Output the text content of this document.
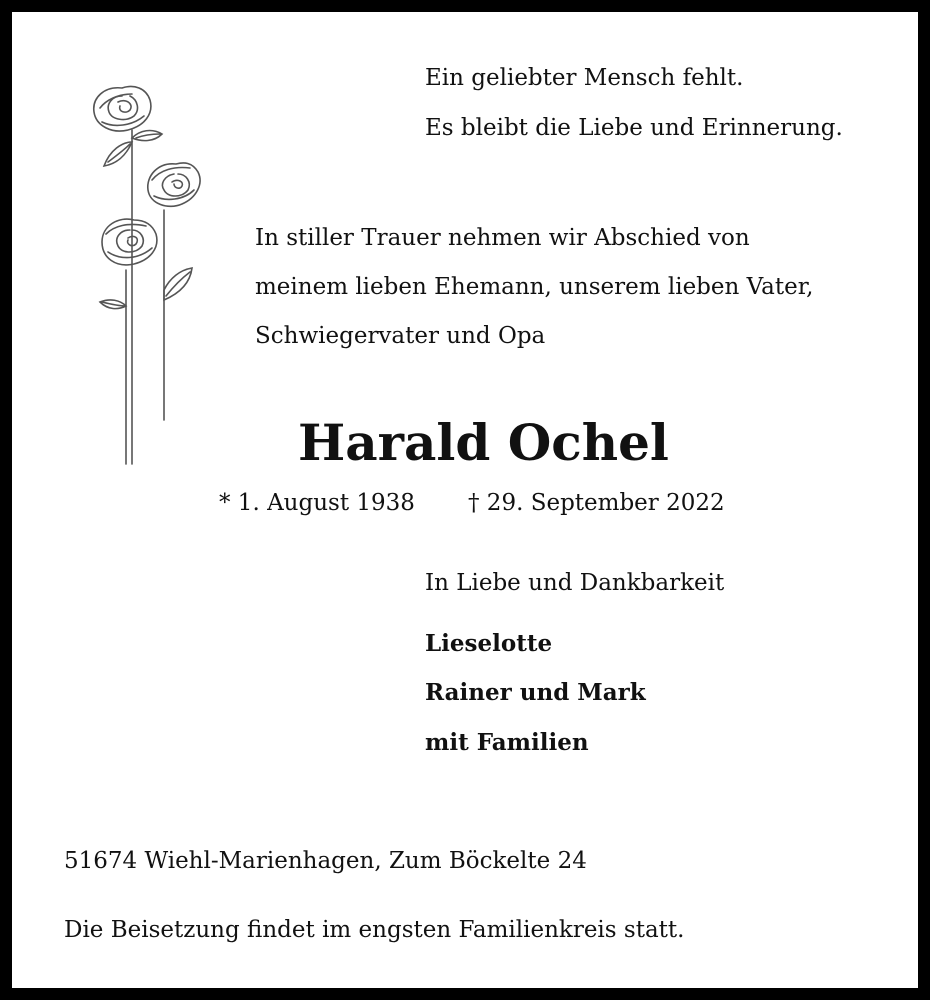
Ein geliebter Mensch fehlt.
Es bleibt die Liebe und Erinnerung.
In stiller Trauer nehmen wir Abschied von
meinem lieben Ehemann, unserem lieben Vater,
Schwiegervater und Opa
Harald Ochel
* 1. August 1938 † 29. September 2022
In Liebe und Dankbarkeit
Lieselotte
Rainer und Mark
mit Familien
51674 Wiehl-Marienhagen, Zum Böckelte 24
Die Beisetzung findet im engsten Familienkreis statt.
